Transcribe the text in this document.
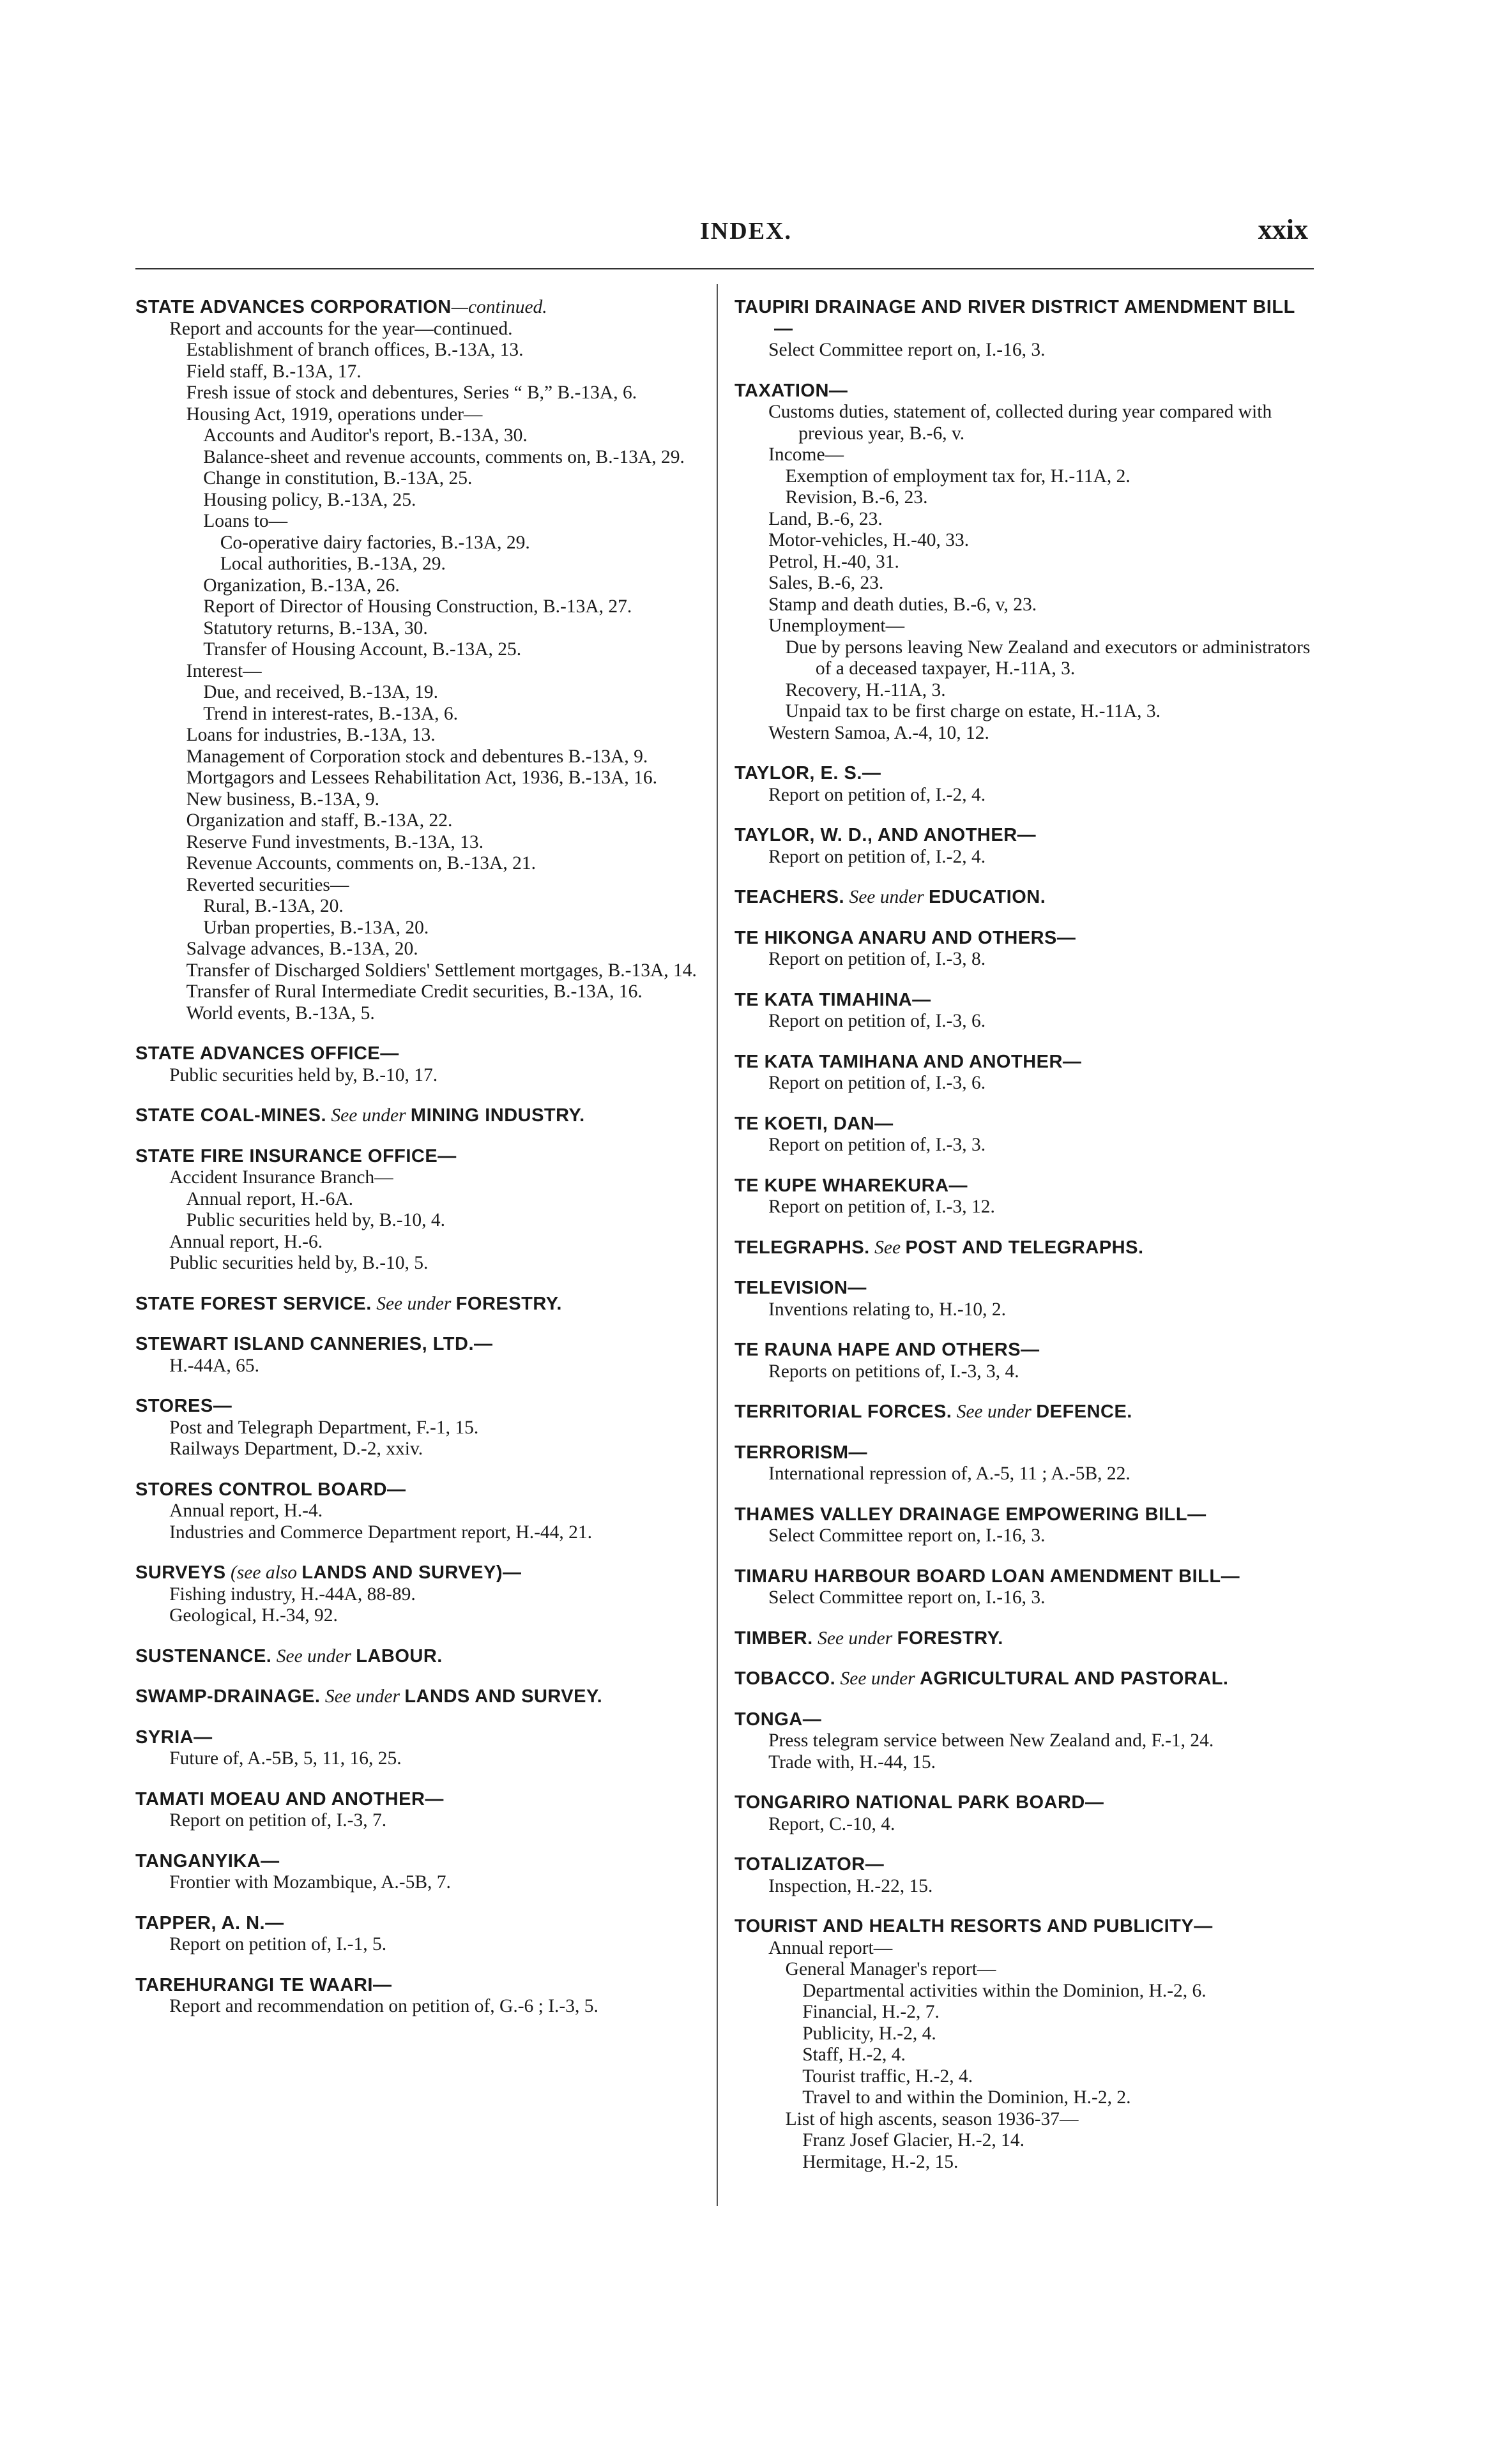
INDEX.	xxix
STATE ADVANCES CORPORATION—continued.
Report and accounts for the year—continued.
Establishment of branch offices, B.-13A, 13.
Field staff, B.-13A, 17.
Fresh issue of stock and debentures, Series “ B,” B.-13A, 6.
Housing Act, 1919, operations under—
Accounts and Auditor's report, B.-13A, 30.
Balance-sheet and revenue accounts, comments on, B.-13A, 29.
Change in constitution, B.-13A, 25.
Housing policy, B.-13A, 25.
Loans to—
Co-operative dairy factories, B.-13A, 29.
Local authorities, B.-13A, 29.
Organization, B.-13A, 26.
Report of Director of Housing Construction, B.-13A, 27.
Statutory returns, B.-13A, 30.
Transfer of Housing Account, B.-13A, 25.
Interest—
Due, and received, B.-13A, 19.
Trend in interest-rates, B.-13A, 6.
Loans for industries, B.-13A, 13.
Management of Corporation stock and debentures B.-13A, 9.
Mortgagors and Lessees Rehabilitation Act, 1936, B.-13A, 16.
New business, B.-13A, 9.
Organization and staff, B.-13A, 22.
Reserve Fund investments, B.-13A, 13.
Revenue Accounts, comments on, B.-13A, 21.
Reverted securities—
Rural, B.-13A, 20.
Urban properties, B.-13A, 20.
Salvage advances, B.-13A, 20.
Transfer of Discharged Soldiers' Settlement mortgages, B.-13A, 14.
Transfer of Rural Intermediate Credit securities, B.-13A, 16.
World events, B.-13A, 5.
STATE ADVANCES OFFICE—
Public securities held by, B.-10, 17.
STATE COAL-MINES. See under MINING INDUSTRY.
STATE FIRE INSURANCE OFFICE—
Accident Insurance Branch—
Annual report, H.-6A.
Public securities held by, B.-10, 4.
Annual report, H.-6.
Public securities held by, B.-10, 5.
STATE FOREST SERVICE. See under FORESTRY.
STEWART ISLAND CANNERIES, LTD.—
H.-44A, 65.
STORES—
Post and Telegraph Department, F.-1, 15.
Railways Department, D.-2, xxiv.
STORES CONTROL BOARD—
Annual report, H.-4.
Industries and Commerce Department report, H.-44, 21.
SURVEYS (see also LANDS AND SURVEY)—
Fishing industry, H.-44A, 88-89.
Geological, H.-34, 92.
SUSTENANCE. See under LABOUR.
SWAMP-DRAINAGE. See under LANDS AND SURVEY.
SYRIA—
Future of, A.-5B, 5, 11, 16, 25.
TAMATI MOEAU AND ANOTHER—
Report on petition of, I.-3, 7.
TANGANYIKA—
Frontier with Mozambique, A.-5B, 7.
TAPPER, A. N.—
Report on petition of, I.-1, 5.
TAREHURANGI TE WAARI—
Report and recommendation on petition of, G.-6 ; I.-3, 5.
TAUPIRI DRAINAGE AND RIVER DISTRICT AMENDMENT BILL—
Select Committee report on, I.-16, 3.
TAXATION—
Customs duties, statement of, collected during year compared with previous year, B.-6, v.
Income—
Exemption of employment tax for, H.-11A, 2.
Revision, B.-6, 23.
Land, B.-6, 23.
Motor-vehicles, H.-40, 33.
Petrol, H.-40, 31.
Sales, B.-6, 23.
Stamp and death duties, B.-6, v, 23.
Unemployment—
Due by persons leaving New Zealand and executors or administrators of a deceased taxpayer, H.-11A, 3.
Recovery, H.-11A, 3.
Unpaid tax to be first charge on estate, H.-11A, 3.
Western Samoa, A.-4, 10, 12.
TAYLOR, E. S.—
Report on petition of, I.-2, 4.
TAYLOR, W. D., AND ANOTHER—
Report on petition of, I.-2, 4.
TEACHERS. See under EDUCATION.
TE HIKONGA ANARU AND OTHERS—
Report on petition of, I.-3, 8.
TE KATA TIMAHINA—
Report on petition of, I.-3, 6.
TE KATA TAMIHANA AND ANOTHER—
Report on petition of, I.-3, 6.
TE KOETI, DAN—
Report on petition of, I.-3, 3.
TE KUPE WHAREKURA—
Report on petition of, I.-3, 12.
TELEGRAPHS. See POST AND TELEGRAPHS.
TELEVISION—
Inventions relating to, H.-10, 2.
TE RAUNA HAPE AND OTHERS—
Reports on petitions of, I.-3, 3, 4.
TERRITORIAL FORCES. See under DEFENCE.
TERRORISM—
International repression of, A.-5, 11 ; A.-5B, 22.
THAMES VALLEY DRAINAGE EMPOWERING BILL—
Select Committee report on, I.-16, 3.
TIMARU HARBOUR BOARD LOAN AMENDMENT BILL—
Select Committee report on, I.-16, 3.
TIMBER. See under FORESTRY.
TOBACCO. See under AGRICULTURAL AND PASTORAL.
TONGA—
Press telegram service between New Zealand and, F.-1, 24.
Trade with, H.-44, 15.
TONGARIRO NATIONAL PARK BOARD—
Report, C.-10, 4.
TOTALIZATOR—
Inspection, H.-22, 15.
TOURIST AND HEALTH RESORTS AND PUBLICITY—
Annual report—
General Manager's report—
Departmental activities within the Dominion, H.-2, 6.
Financial, H.-2, 7.
Publicity, H.-2, 4.
Staff, H.-2, 4.
Tourist traffic, H.-2, 4.
Travel to and within the Dominion, H.-2, 2.
List of high ascents, season 1936-37—
Franz Josef Glacier, H.-2, 14.
Hermitage, H.-2, 15.
